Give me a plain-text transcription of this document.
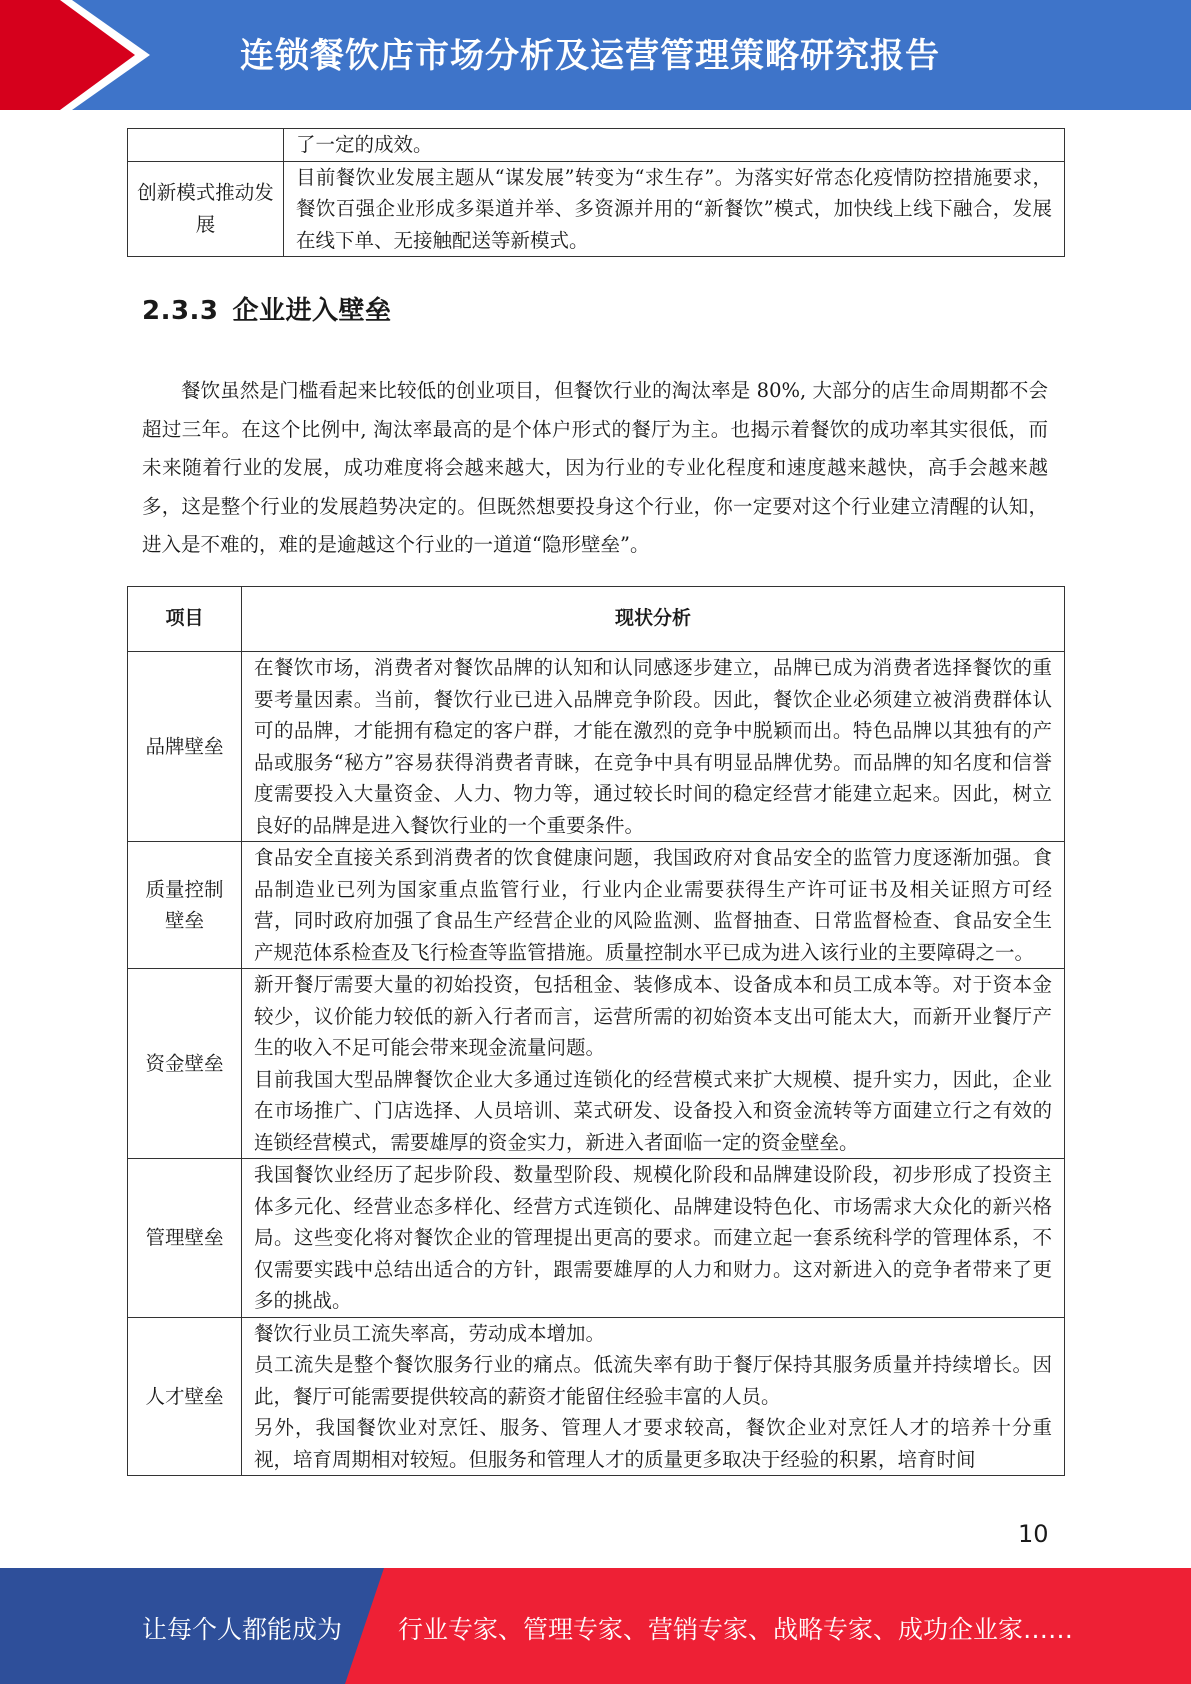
连锁餐饮店市场分析及运营管理策略研究报告
	了一定的成效。
创新模式推动发展	目前餐饮业发展主题从“谋发展”转变为“求生存”。为落实好常态化疫情防控措施要求，餐饮百强企业形成多渠道并举、多资源并用的“新餐饮”模式，加快线上线下融合，发展在线下单、无接触配送等新模式。
2.3.3 企业进入壁垒

餐饮虽然是门槛看起来比较低的创业项目，但餐饮行业的淘汰率是 80%, 大部分的店生命周期都不会超过三年。在这个比例中, 淘汰率最高的是个体户形式的餐厅为主。也揭示着餐饮的成功率其实很低，而未来随着行业的发展，成功难度将会越来越大，因为行业的专业化程度和速度越来越快，高手会越来越多，这是整个行业的发展趋势决定的。但既然想要投身这个行业，你一定要对这个行业建立清醒的认知，进入是不难的，难的是逾越这个行业的一道道“隐形壁垒”。

项目	现状分析
品牌壁垒	在餐饮市场，消费者对餐饮品牌的认知和认同感逐步建立，品牌已成为消费者选择餐饮的重要考量因素。当前，餐饮行业已进入品牌竞争阶段。因此，餐饮企业必须建立被消费群体认可的品牌，才能拥有稳定的客户群，才能在激烈的竞争中脱颖而出。特色品牌以其独有的产品或服务“秘方”容易获得消费者青睐，在竞争中具有明显品牌优势。而品牌的知名度和信誉度需要投入大量资金、人力、物力等，通过较长时间的稳定经营才能建立起来。因此，树立良好的品牌是进入餐饮行业的一个重要条件。

质量控制壁垒	食品安全直接关系到消费者的饮食健康问题，我国政府对食品安全的监管力度逐渐加强。食品制造业已列为国家重点监管行业，行业内企业需要获得生产许可证书及相关证照方可经营，同时政府加强了食品生产经营企业的风险监测、监督抽查、日常监督检查、食品安全生产规范体系检查及飞行检查等监管措施。质量控制水平已成为进入该行业的主要障碍之一。

资金壁垒	新开餐厅需要大量的初始投资，包括租金、装修成本、设备成本和员工成本等。对于资本金较少，议价能力较低的新入行者而言，运营所需的初始资本支出可能太大，而新开业餐厅产生的收入不足可能会带来现金流量问题。

目前我国大型品牌餐饮企业大多通过连锁化的经营模式来扩大规模、提升实力，因此，企业在市场推广、门店选择、人员培训、菜式研发、设备投入和资金流转等方面建立行之有效的连锁经营模式，需要雄厚的资金实力，新进入者面临一定的资金壁垒。

管理壁垒	我国餐饮业经历了起步阶段、数量型阶段、规模化阶段和品牌建设阶段，初步形成了投资主体多元化、经营业态多样化、经营方式连锁化、品牌建设特色化、市场需求大众化的新兴格局。这些变化将对餐饮企业的管理提出更高的要求。而建立起一套系统科学的管理体系，不仅需要实践中总结出适合的方针，跟需要雄厚的人力和财力。这对新进入的竞争者带来了更多的挑战。

人才壁垒	餐饮行业员工流失率高，劳动成本增加。

员工流失是整个餐饮服务行业的痛点。低流失率有助于餐厅保持其服务质量并持续增长。因此，餐厅可能需要提供较高的薪资才能留住经验丰富的人员。

另外，我国餐饮业对烹饪、服务、管理人才要求较高，餐饮企业对烹饪人才的培养十分重视，培育周期相对较短。但服务和管理人才的质量更多取决于经验的积累，培育时间

10
让每个人都能成为 行业专家、管理专家、营销专家、战略专家、成功企业家……
